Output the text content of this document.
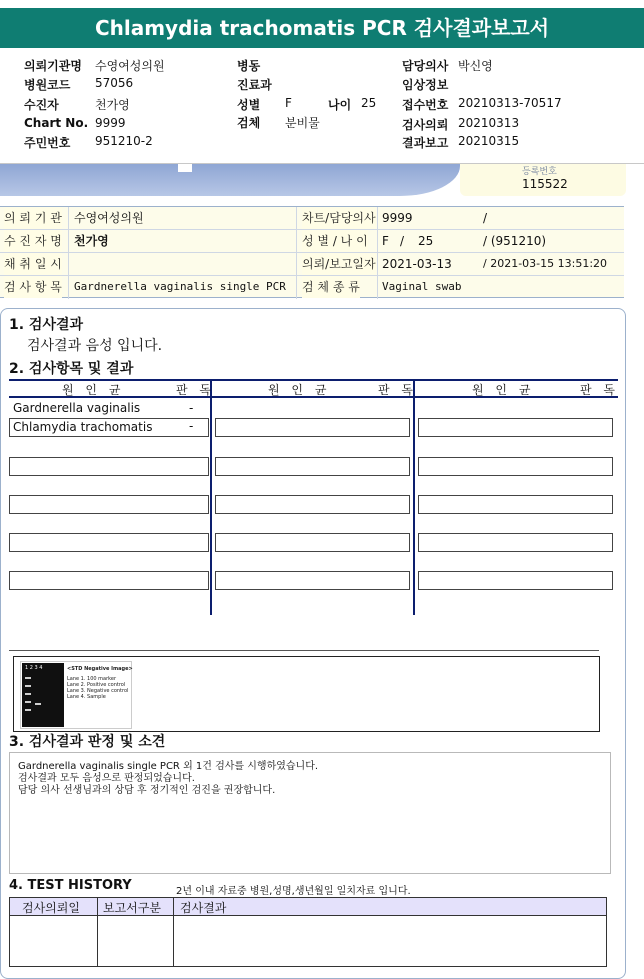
Chlamydia trachomatis PCR 검사결과보고서
의뢰기관명 수영여성의원
병원코드 57056
수진자	천가영
Chart No. 9999
주민번호 951210-2
병동
진료과
성별 F	나이 25
검체 분비물
담당의사 박신영
임상정보
접수번호 20210313-70517
검사의뢰 20210313
결과보고 20210315
등록번호
115522
의 뢰 기 관 수영여성의원	차트/담당의사 9999	/
수 진 자 명 천가영	성 별 / 나 이 F / 25	/ (951210)
채 취 일 시	의뢰/보고일자 2021-03-13	/ 2021-03-15 13:51:20
검 사 항 목 Gardnerella vaginalis single PCR 검 체 종 류 Vaginal swab
1. 검사결과
검사결과 음성 입니다.
2. 검사항목 및 결과
원 인 균	판 독	원 인 균	판 독	원 인 균	판 독
Gardnerella vaginalis	-
Chlamydia trachomatis	-
1 2 3 4	<STD Negative Image>
Lane 1. 100 marker
Lane 2. Positive control
Lane 3. Negative control
Lane 4. Sample
3. 검사결과 판정 및 소견
Gardnerella vaginalis single PCR 외 1건 검사를 시행하였습니다.
검사결과 모두 음성으로 판정되었습니다.
담당 의사 선생님과의 상담 후 정기적인 검진을 권장합니다.
4. TEST HISTORY	2년 이내 자료중 병원,성명,생년월일 일치자료 입니다.
검사의뢰일 보고서구분 검사결과
